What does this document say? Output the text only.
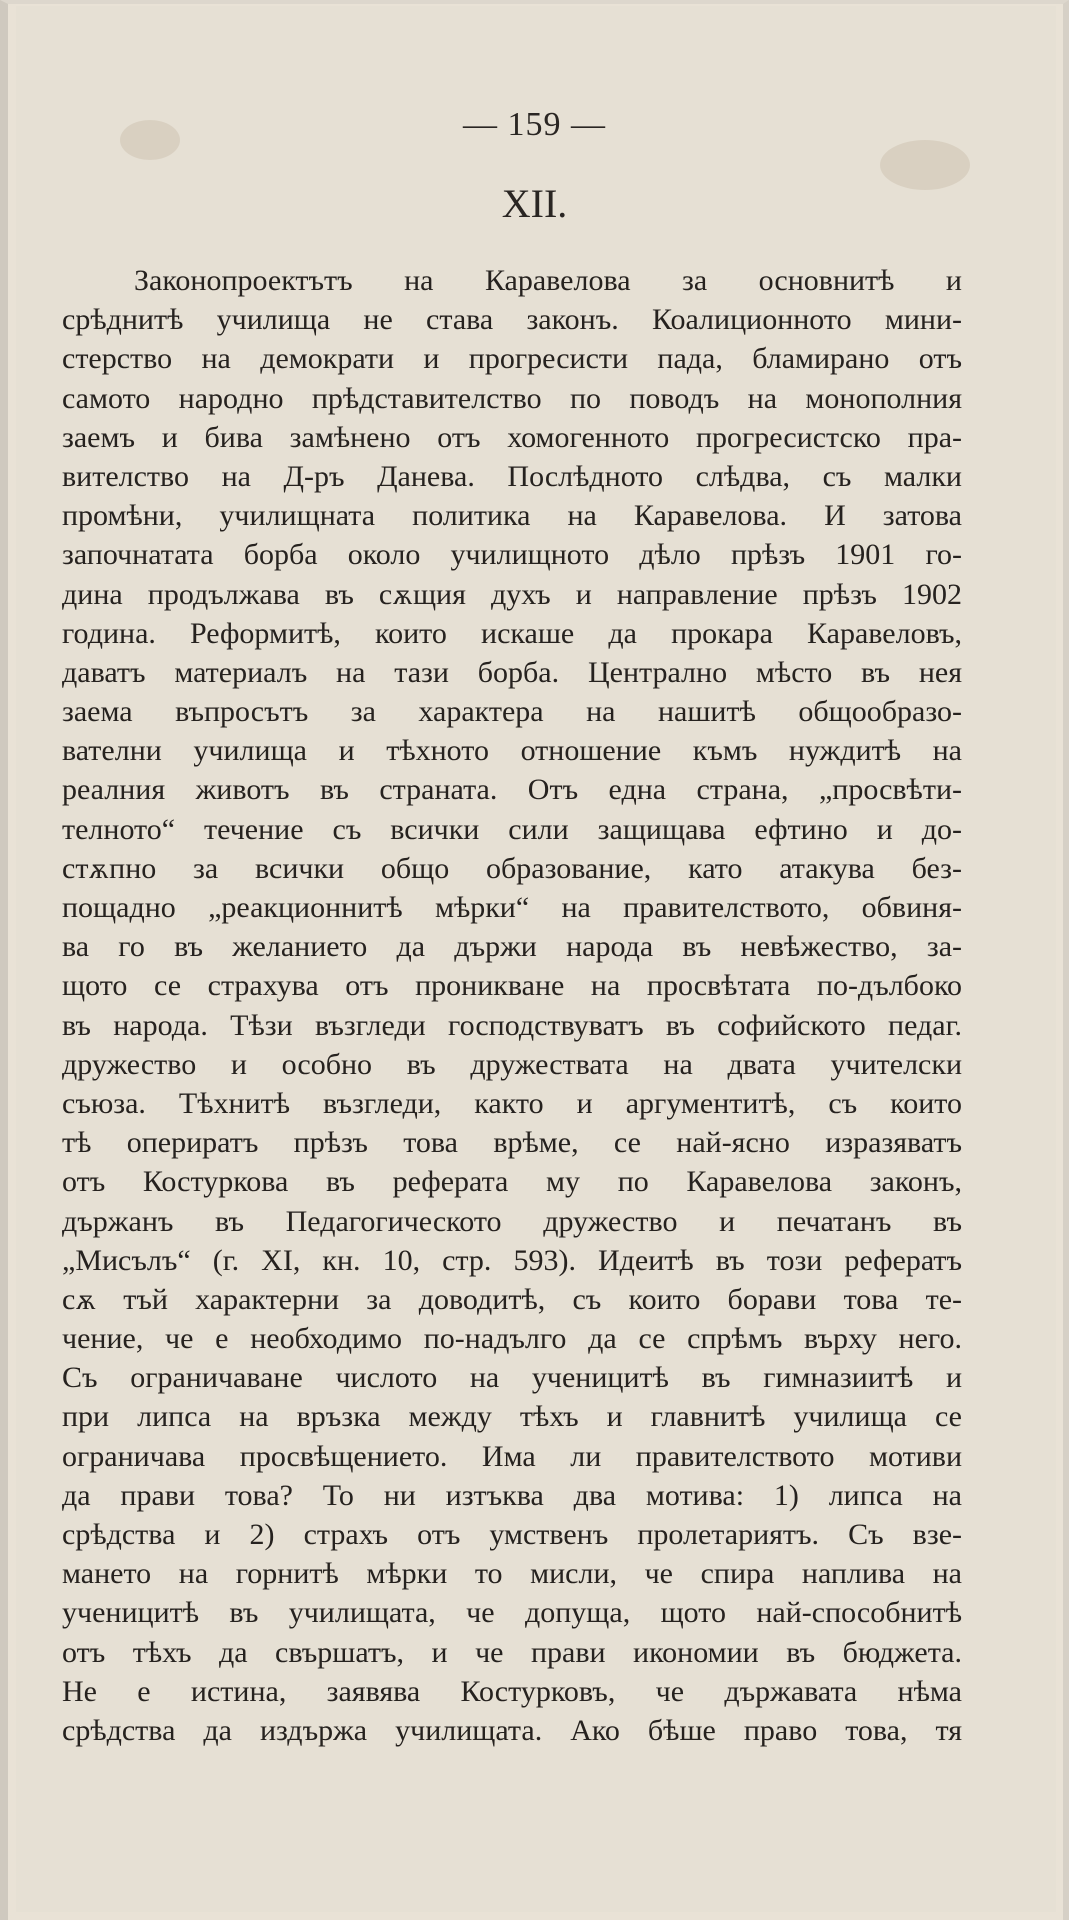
— 159 —
XII.
Законопроектътъ на Каравелова за основнитѣ и
срѣднитѣ училища не става законъ. Коалиционното мини-
стерство на демократи и прогресисти пада, бламирано отъ
самото народно прѣдставителство по поводъ на монополния
заемъ и бива замѣнено отъ хомогенното прогресистско пра-
вителство на Д-ръ Данева. Послѣдното слѣдва, съ малки
промѣни, училищната политика на Каравелова. И затова
започнатата борба около училищното дѣло прѣзъ 1901 го-
дина продължава въ сѫщия духъ и направление прѣзъ 1902
година. Реформитѣ, които искаше да прокара Каравеловъ,
даватъ материалъ на тази борба. Централно мѣсто въ нея
заема въпросътъ за характера на нашитѣ общообразо-
вателни училища и тѣхното отношение къмъ нуждитѣ на
реалния животъ въ страната. Отъ една страна, „просвѣти-
телното“ течение съ всички сили защищава ефтино и до-
стѫпно за всички общо образование, като атакува без-
пощадно „реакционнитѣ мѣрки“ на правителството, обвиня-
ва го въ желанието да държи народа въ невѣжество, за-
щото се страхува отъ проникване на просвѣтата по-дълбоко
въ народа. Тѣзи възгледи господствуватъ въ софийското педаг.
дружество и особно въ дружествата на двата учителски
съюза. Тѣхнитѣ възгледи, както и аргументитѣ, съ които
тѣ опериратъ прѣзъ това врѣме, се най-ясно изразяватъ
отъ Костуркова въ реферата му по Каравелова законъ,
държанъ въ Педагогическото дружество и печатанъ въ
„Мисълъ“ (г. XI, кн. 10, стр. 593). Идеитѣ въ този рефератъ
сѫ тъй характерни за доводитѣ, съ които борави това те-
чение, че е необходимо по-надълго да се спрѣмъ върху него.
Съ ограничаване числото на ученицитѣ въ гимназиитѣ и
при липса на връзка между тѣхъ и главнитѣ училища се
ограничава просвѣщението. Има ли правителството мотиви
да прави това? То ни изтъква два мотива: 1) липса на
срѣдства и 2) страхъ отъ умственъ пролетариятъ. Съ взе-
манeто на горнитѣ мѣрки то мисли, че спира наплива на
ученицитѣ въ училищата, че допуща, щото най-способнитѣ
отъ тѣхъ да свършатъ, и че прави икономии въ бюджета.
Не е истина, заявява Костурковъ, че държавата нѣма
срѣдства да издържа училищата. Ако бѣше право това, тя
